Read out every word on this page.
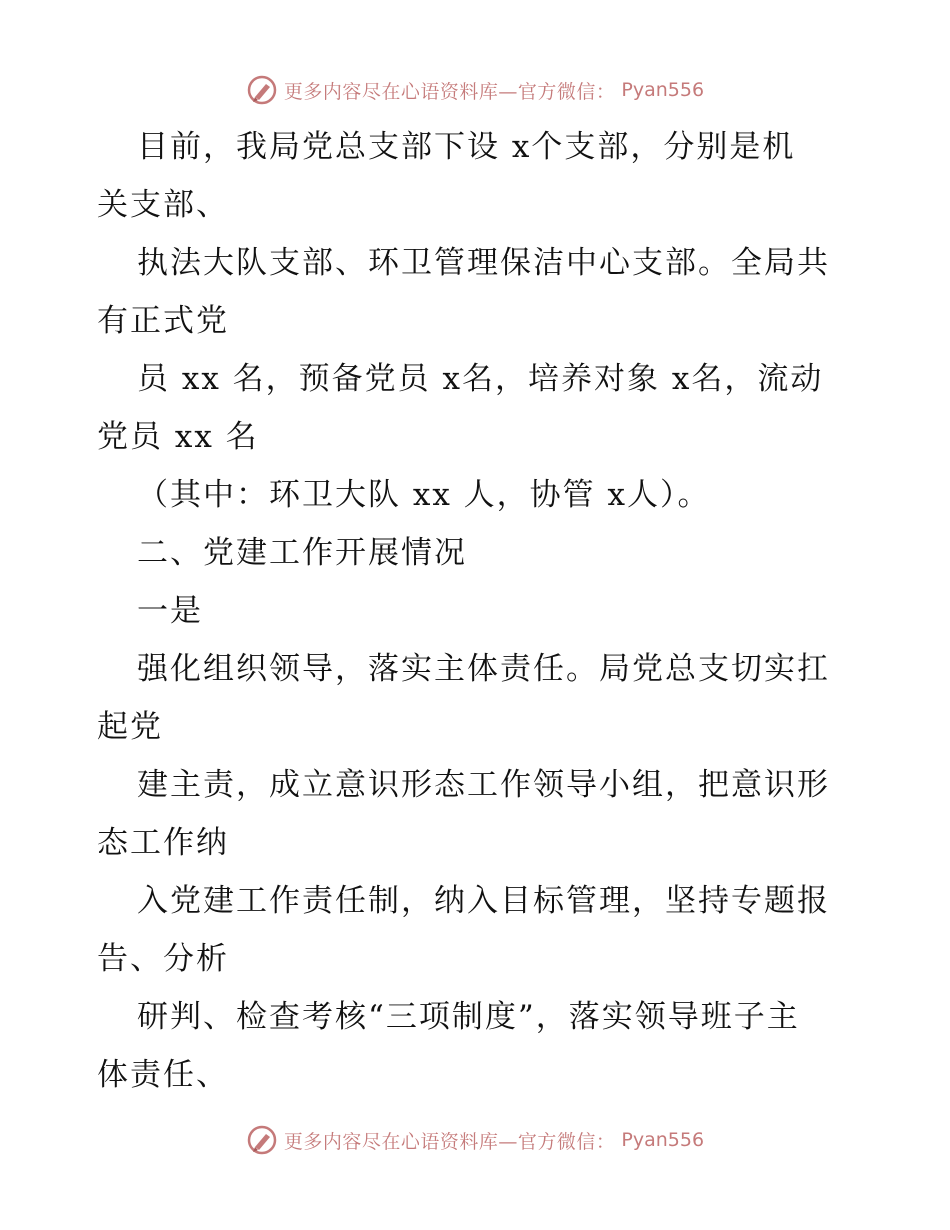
更多内容尽在心语资料库—官方微信： Pyan556
目前，我局党总支部下设 x个支部，分别是机
关支部、
执法大队支部、环卫管理保洁中心支部。全局共
有正式党
员 xx 名，预备党员 x名，培养对象 x名，流动
党员 xx 名
（其中：环卫大队 xx 人，协管 x人）。
二、党建工作开展情况
一是
强化组织领导，落实主体责任。局党总支切实扛
起党
建主责，成立意识形态工作领导小组，把意识形
态工作纳
入党建工作责任制，纳入目标管理，坚持专题报
告、分析
研判、检查考核“三项制度”，落实领导班子主
体责任、
更多内容尽在心语资料库—官方微信： Pyan556
